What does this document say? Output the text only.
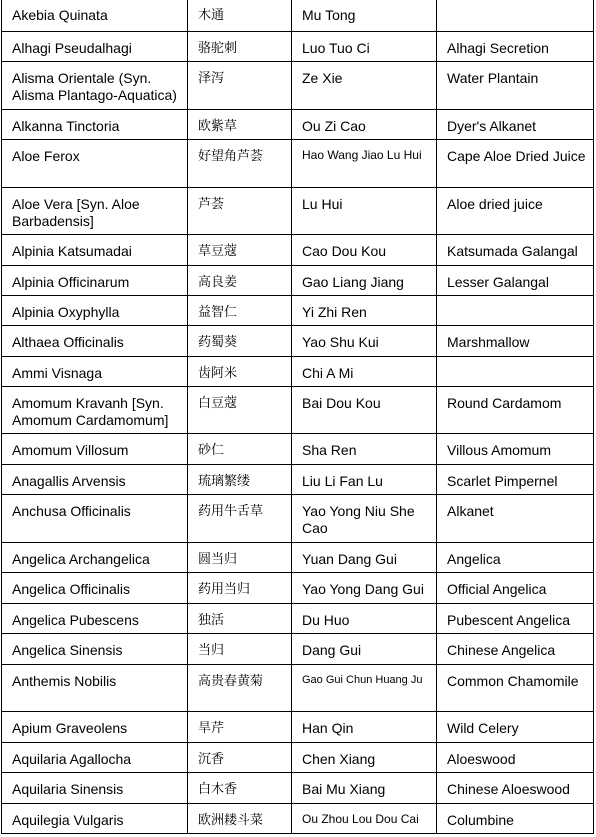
Akebia Quinata	木通	Mu Tong	
Alhagi Pseudalhagi	骆驼刺	Luo Tuo Ci	Alhagi Secretion
Alisma Orientale (Syn. Alisma Plantago-Aquatica)	泽泻	Ze Xie	Water Plantain
Alkanna Tinctoria	欧紫草	Ou Zi Cao	Dyer's Alkanet
Aloe Ferox	好望角芦荟	Hao Wang Jiao Lu Hui	Cape Aloe Dried Juice
Aloe Vera [Syn. Aloe Barbadensis]	芦荟	Lu Hui	Aloe dried juice
Alpinia Katsumadai	草豆蔻	Cao Dou Kou	Katsumada Galangal
Alpinia Officinarum	高良姜	Gao Liang Jiang	Lesser Galangal
Alpinia Oxyphylla	益智仁	Yi Zhi Ren	
Althaea Officinalis	药蜀葵	Yao Shu Kui	Marshmallow
Ammi Visnaga	齿阿米	Chi A Mi	
Amomum Kravanh [Syn. Amomum Cardamomum]	白豆蔻	Bai Dou Kou	Round Cardamom
Amomum Villosum	砂仁	Sha Ren	Villous Amomum
Anagallis Arvensis	琉璃繁缕	Liu Li Fan Lu	Scarlet Pimpernel
Anchusa Officinalis	药用牛舌草	Yao Yong Niu She Cao	Alkanet
Angelica Archangelica	圆当归	Yuan Dang Gui	Angelica
Angelica Officinalis	药用当归	Yao Yong Dang Gui	Official Angelica
Angelica Pubescens	独活	Du Huo	Pubescent Angelica
Angelica Sinensis	当归	Dang Gui	Chinese Angelica
Anthemis Nobilis	高贵春黄菊	Gao Gui Chun Huang Ju	Common Chamomile
Apium Graveolens	旱芹	Han Qin	Wild Celery
Aquilaria Agallocha	沉香	Chen Xiang	Aloeswood
Aquilaria Sinensis	白木香	Bai Mu Xiang	Chinese Aloeswood
Aquilegia Vulgaris	欧洲耧斗菜	Ou Zhou Lou Dou Cai	Columbine
